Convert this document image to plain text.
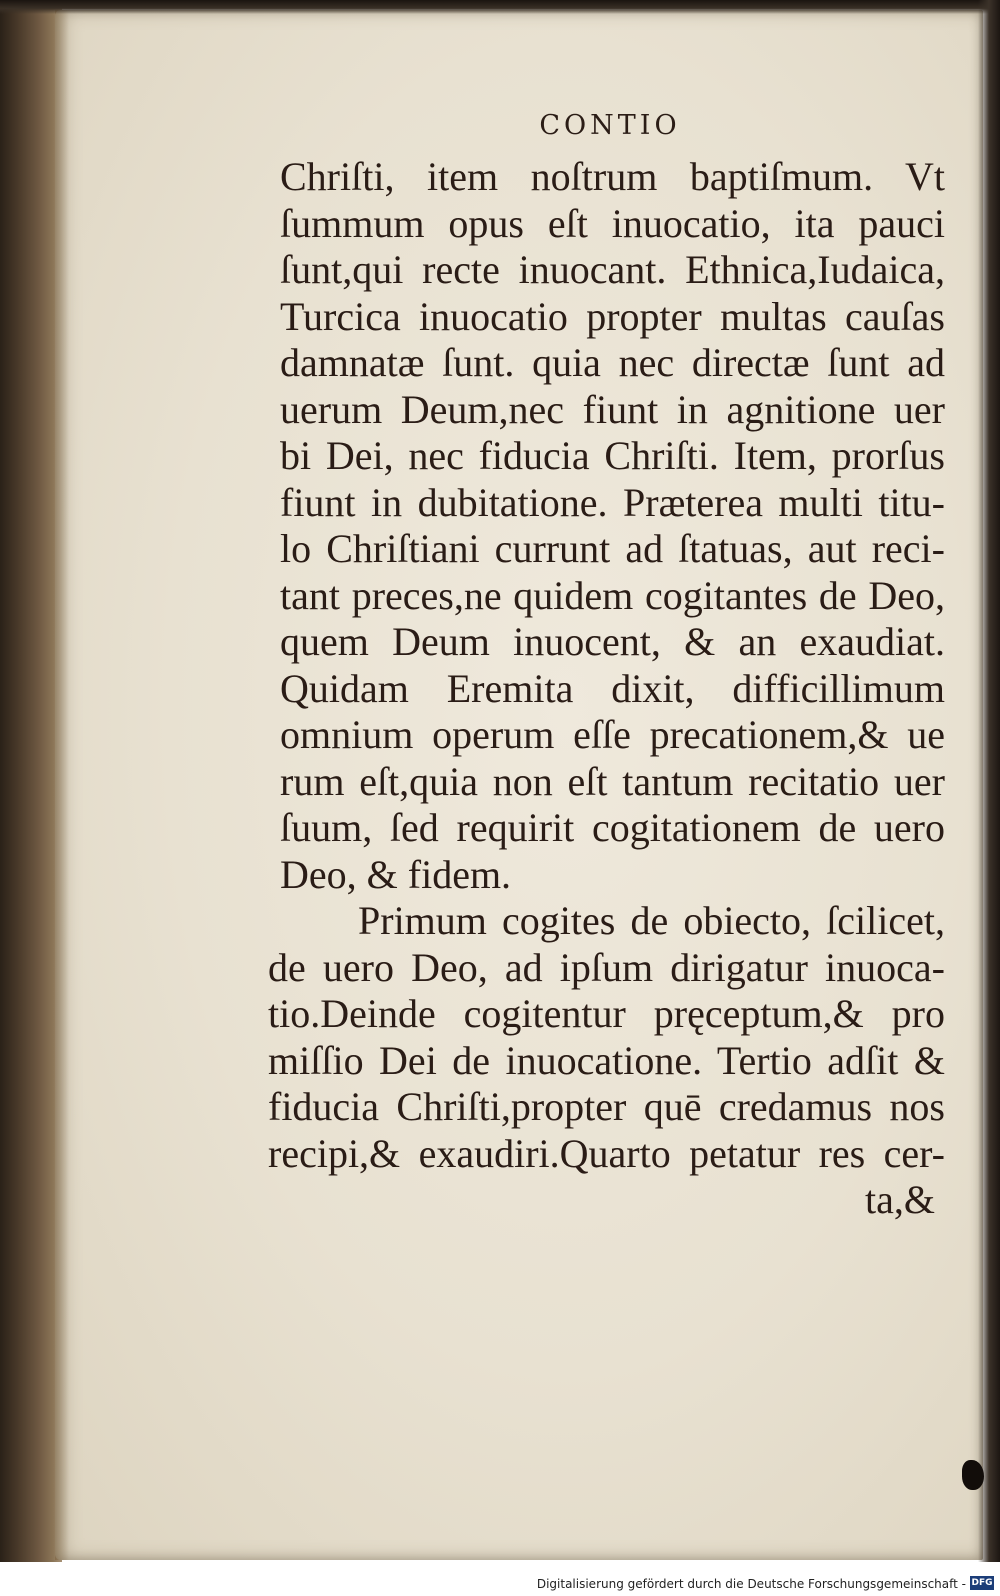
CONTIO
Chriſti, item noſtrum baptiſmum. Vt
ſummum opus eſt inuocatio, ita pauci
ſunt,qui recte inuocant. Ethnica,Iudaica,
Turcica inuocatio propter multas cauſas
damnatæ ſunt. quia nec directæ ſunt ad
uerum Deum,nec fiunt in agnitione uer
bi Dei, nec fiducia Chriſti. Item, prorſus
fiunt in dubitatione. Præterea multi titu-
lo Chriſtiani currunt ad ſtatuas, aut reci-
tant preces,ne quidem cogitantes de Deo,
quem Deum inuocent, & an exaudiat.
Quidam Eremita dixit, difficillimum
omnium operum eſſe precationem,& ue
rum eſt,quia non eſt tantum recitatio uer
ſuum, ſed requirit cogitationem de uero
Deo, & fidem.
Primum cogites de obiecto, ſcilicet,
de uero Deo, ad ipſum dirigatur inuoca-
tio.Deinde cogitentur pręceptum,& pro
miſſio Dei de inuocatione. Tertio adſit &
fiducia Chriſti,propter quē credamus nos
recipi,& exaudiri.Quarto petatur res cer-
ta,&
Digitalisierung gefördert durch die Deutsche Forschungsgemeinschaft - DFG
